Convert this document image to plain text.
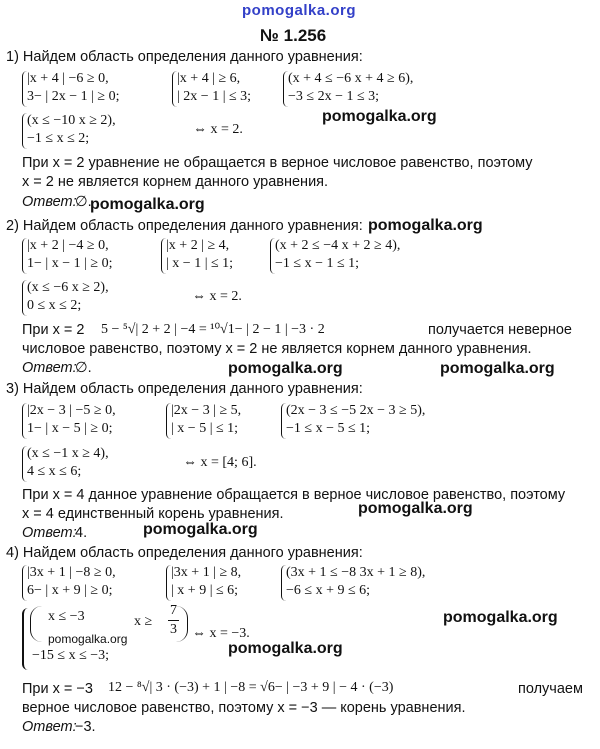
pomogalka.org
№ 1.256
1) Найдем область определения данного уравнения:
|x + 4 | −6 ≥ 0,
3− | 2x − 1 | ≥ 0;
|x + 4 | ≥ 6,
| 2x − 1 | ≤ 3;
(x + 4 ≤ −6 x + 4 ≥ 6),
−3 ≤ 2x − 1 ≤ 3;
(x ≤ −10 x ≥ 2),
−1 ≤ x ≤ 2;
⇔ x = 2.
pomogalka.org
При x = 2 уравнение не обращается в верное числовое равенство, поэтому
x = 2 не является корнем данного уравнения.
Ответ:
∅.
pomogalka.org
2) Найдем область определения данного уравнения: pomogalka.org
|x + 2 | −4 ≥ 0,
1− | x − 1 | ≥ 0;
|x + 2 | ≥ 4,
| x − 1 | ≤ 1;
(x + 2 ≤ −4 x + 2 ≥ 4),
−1 ≤ x − 1 ≤ 1;
(x ≤ −6 x ≥ 2),
0 ≤ x ≤ 2;
⇔ x = 2.
При x = 2 5 − ⁵√| 2 + 2 | −4 = ¹⁰√1− | 2 − 1 | −3 · 2	получается неверное
числовое равенство, поэтому x = 2 не является корнем данного уравнения.
Ответ:
∅.	pomogalka.org	pomogalka.org
3) Найдем область определения данного уравнения:
|2x − 3 | −5 ≥ 0,
1− | x − 5 | ≥ 0;
|2x − 3 | ≥ 5,
| x − 5 | ≤ 1;
(2x − 3 ≤ −5 2x − 3 ≥ 5),
−1 ≤ x − 5 ≤ 1;
(x ≤ −1 x ≥ 4),
4 ≤ x ≤ 6;
⇔ x = [4; 6].
При x = 4 данное уравнение обращается в верное числовое равенство, поэтому
x = 4 единственный корень уравнения.	pomogalka.org
Ответ:
4.	pomogalka.org
4) Найдем область определения данного уравнения:
|3x + 1 | −8 ≥ 0,
6− | x + 9 | ≥ 0;
|3x + 1 | ≥ 8,
| x + 9 | ≤ 6;
(3x + 1 ≤ −8 3x + 1 ≥ 8),
−6 ≤ x + 9 ≤ 6;
x ≤ −3	x ≥
7
3
−15 ≤ x ≤ −3;
⇔ x = −3.
pomogalka.org
pomogalka.org
pomogalka.org
При x = −3 12 − ⁸√| 3 · (−3) + 1 | −8 = √6− | −3 + 9 | − 4 · (−3)	получаем
верное числовое равенство, поэтому x = −3 — корень уравнения.
Ответ:
−3.
